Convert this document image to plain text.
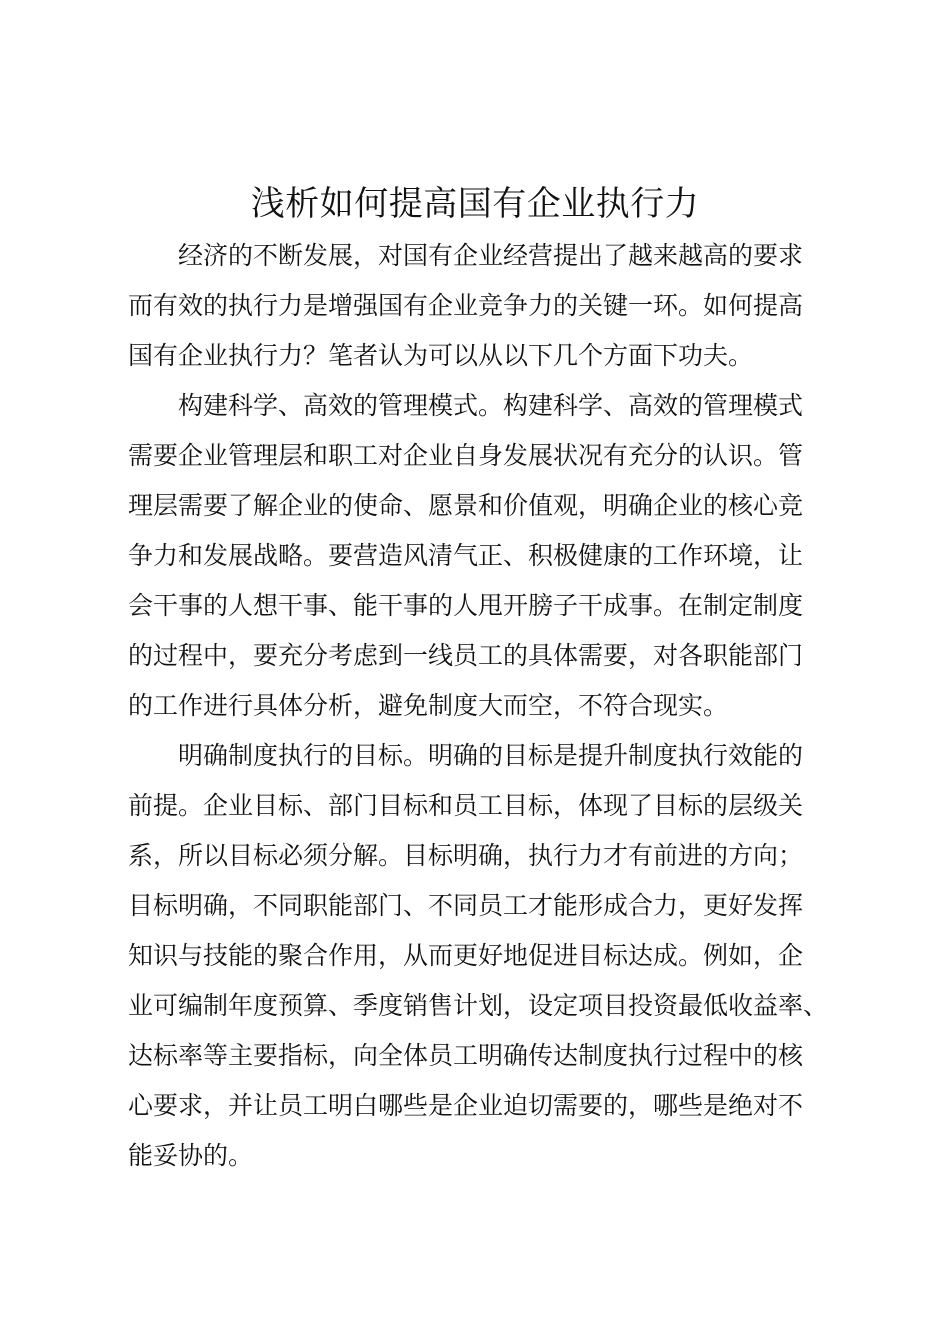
浅析如何提高国有企业执行力

经济的不断发展，对国有企业经营提出了越来越高的要求
而有效的执行力是增强国有企业竞争力的关键一环。如何提高
国有企业执行力？笔者认为可以从以下几个方面下功夫。

构建科学、高效的管理模式。构建科学、高效的管理模式
需要企业管理层和职工对企业自身发展状况有充分的认识。管
理层需要了解企业的使命、愿景和价值观，明确企业的核心竞
争力和发展战略。要营造风清气正、积极健康的工作环境，让
会干事的人想干事、能干事的人甩开膀子干成事。在制定制度
的过程中，要充分考虑到一线员工的具体需要，对各职能部门
的工作进行具体分析，避免制度大而空，不符合现实。

明确制度执行的目标。明确的目标是提升制度执行效能的
前提。企业目标、部门目标和员工目标，体现了目标的层级关
系，所以目标必须分解。目标明确，执行力才有前进的方向；
目标明确，不同职能部门、不同员工才能形成合力，更好发挥
知识与技能的聚合作用，从而更好地促进目标达成。例如，企
业可编制年度预算、季度销售计划，设定项目投资最低收益率、
达标率等主要指标，向全体员工明确传达制度执行过程中的核
心要求，并让员工明白哪些是企业迫切需要的，哪些是绝对不
能妥协的。
